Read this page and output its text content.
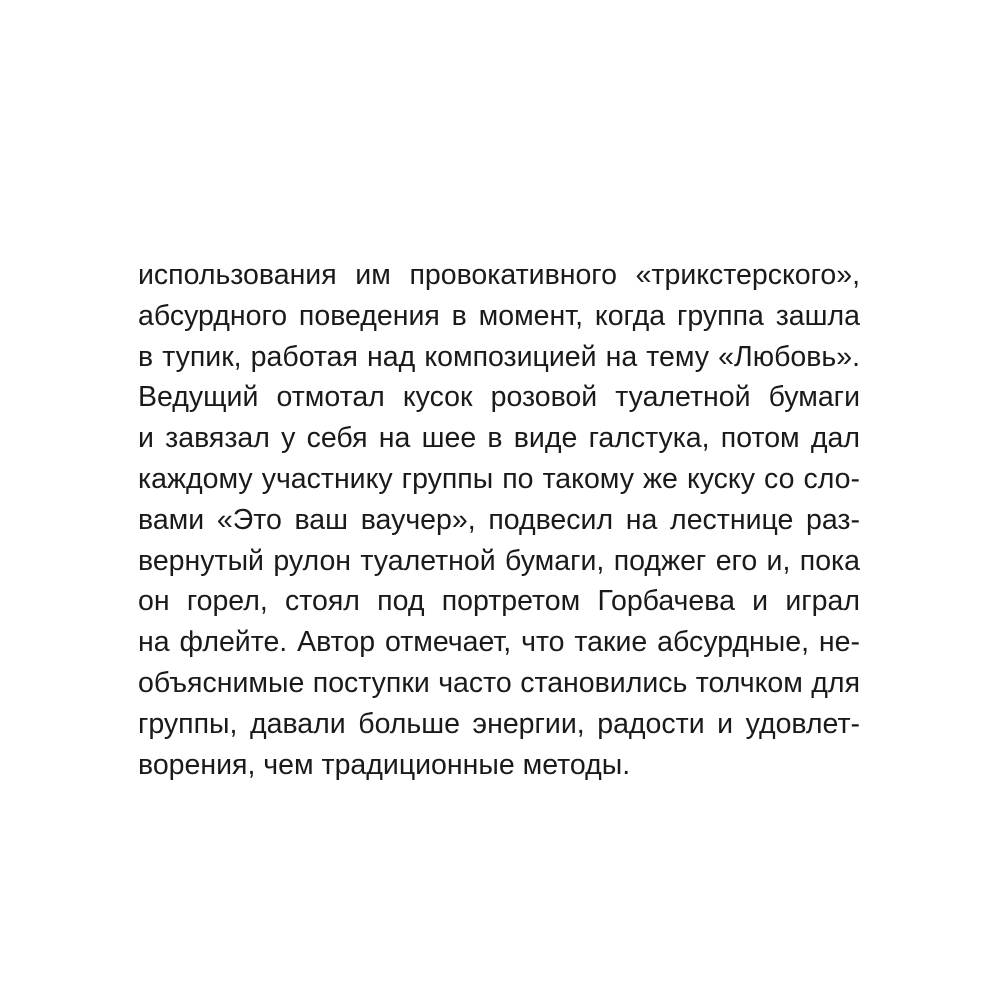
использования им провокативного «трикстерского»,
абсурдного поведения в момент, когда группа зашла
в тупик, работая над композицией на тему «Любовь».
Ведущий отмотал кусок розовой туалетной бумаги
и завязал у себя на шее в виде галстука, потом дал
каждому участнику группы по такому же куску со сло-
вами «Это ваш ваучер», подвесил на лестнице раз-
вернутый рулон туалетной бумаги, поджег его и, пока
он горел, стоял под портретом Горбачева и играл
на флейте. Автор отмечает, что такие абсурдные, не-
объяснимые поступки часто становились толчком для
группы, давали больше энергии, радости и удовлет-
ворения, чем традиционные методы.
